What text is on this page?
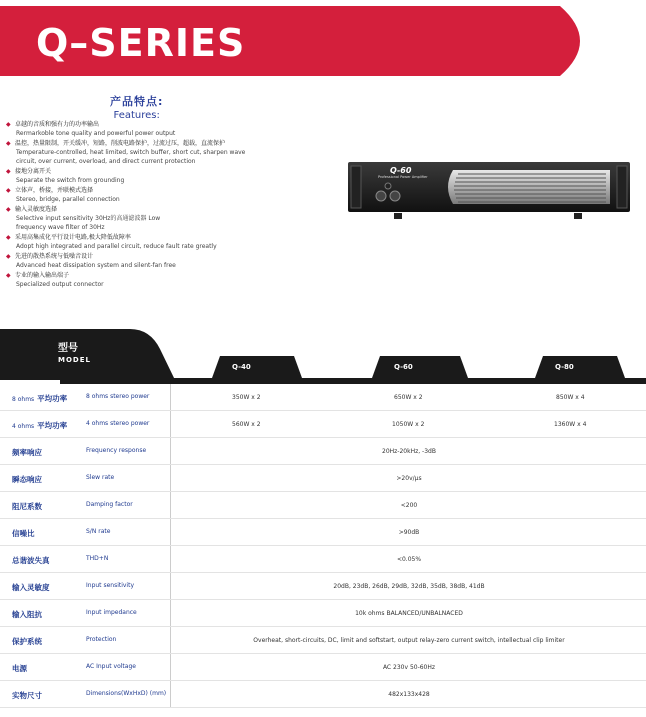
Q–SERIES
产品特点:
Features:
◆ 卓越的音质和强有力的功率输出
Rermarkoble tone quality and powerful power output
◆ 温控，热量限制，开关缓冲，短路，削波电路保护，过流过压，超载，直流保护
Temperature-controlled, heat limited, switch buffer, short cut, sharpen wave circuit, over current, overload, and direct current protection
◆ 接地分离开关
Separate the switch from grounding
◆ 立体声，桥接，并联模式选择
Stereo, bridge, parallel connection
◆ 输入灵敏度选择
Selective input sensitivity 30Hz的高通滤波器 Low frequency wave filter of 30Hz
◆ 采用高集成化平行设计电路,极大降低故障率
Adopt high integrated and parallel circuit, reduce fault rate greatly
◆ 先进的散热系统与低噪音设计
Advanced heat dissipation system and silent-fan free
◆ 专业的输入输出端子
Specialized output connector
Q-60
Professional Power Amplifier
型号
MODEL
Q-40	Q-60	Q-80
8 ohms 平均功率	8 ohms stereo power	350W x 2	650W x 2	850W x 4
4 ohms 平均功率	4 ohms stereo power	560W x 2	1050W x 2	1360W x 4
频率响应	Frequency response	20Hz-20kHz, -3dB
瞬态响应	Slew rate	>20v/μs
阻尼系数	Damping factor	<200
信噪比	S/N rate	>90dB
总谐波失真	THD+N	<0.05%
输入灵敏度	Input sensitivity	20dB, 23dB, 26dB, 29dB, 32dB, 35dB, 38dB, 41dB
输入阻抗	Input impedance	10k ohms BALANCED/UNBALNACED
保护系统	Protection	Overheat, short-circuits, DC, limit and softstart, output relay-zero current switch, intellectual clip limiter
电源	AC Input voltage	AC 230v 50-60Hz
实物尺寸	Dimensions(WxHxD) (mm)	482x133x428
